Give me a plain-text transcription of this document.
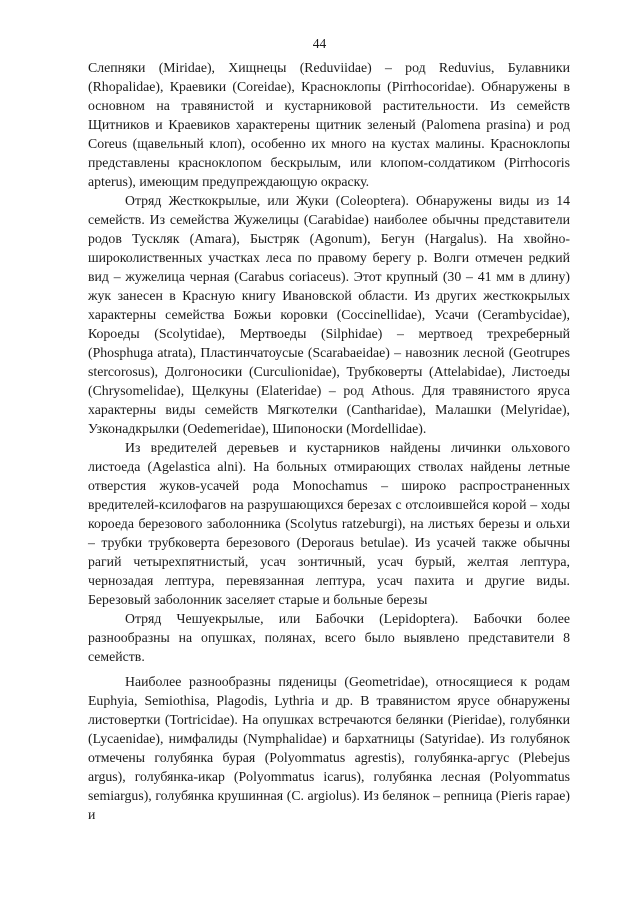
44

Слепняки (Miridae), Хищнецы (Reduviidae) – род Reduvius, Булавники (Rhopalidae), Краевики (Coreidae), Красноклопы (Pirrhocoridae). Обнаружены в основном на травянистой и кустарниковой растительности. Из семейств Щитников и Краевиков характерены щитник зеленый (Palomena prasina) и род Coreus (щавельный клоп), особенно их много на кустах малины. Красноклопы представлены красноклопом бескрылым, или клопом-солдатиком (Pirrhocoris apterus), имеющим предупреждающую окраску.

Отряд Жесткокрылые, или Жуки (Coleoptera). Обнаружены виды из 14 семейств. Из семейства Жужелицы (Carabidae) наиболее обычны представители родов Тускляк (Amara), Быстряк (Agonum), Бегун (Hargalus). На хвойно-широколиственных участках леса по правому берегу р. Волги отмечен редкий вид – жужелица черная (Carabus coriaceus). Этот крупный (30 – 41 мм в длину) жук занесен в Красную книгу Ивановской области. Из других жесткокрылых характерны семейства Божьи коровки (Coccinellidae), Усачи (Cerambycidae), Короеды (Scolytidae), Мертвоеды (Silphidae) – мертвоед трехреберный (Phosphuga atrata), Пластинчатоусые (Scarabaeidae) – навозник лесной (Geotrupes stercorosus), Долгоносики (Curculionidae), Трубковерты (Attelabidae), Листоеды (Chrysomelidae), Щелкуны (Elateridae) – род Athous. Для травянистого яруса характерны виды семейств Мягкотелки (Cantharidae), Малашки (Melyridae), Узконадкрылки (Oedemeridae), Шипоноски (Mordellidae).

Из вредителей деревьев и кустарников найдены личинки ольхового листоеда (Agelastica alni). На больных отмирающих стволах найдены летные отверстия жуков-усачей рода Monochamus – широко распространенных вредителей-ксилофагов на разрушающихся березах с отслоившейся корой – ходы короеда березового заболонника (Scolytus ratzeburgi), на листьях березы и ольхи – трубки трубковерта березового (Deporaus betulae). Из усачей также обычны рагий четырехпятнистый, усач зонтичный, усач бурый, желтая лептура, чернозадая лептура, перевязанная лептура, усач пахита и другие виды. Березовый заболонник заселяет старые и больные березы

Отряд Чешуекрылые, или Бабочки (Lepidoptera). Бабочки более разнообразны на опушках, полянах, всего было выявлено представители 8 семейств.

Наиболее разнообразны пяденицы (Geometridae), относящиеся к родам Euphyia, Semiothisa, Plagodis, Lythria и др. В травянистом ярусе обнаружены листовертки (Tortricidae). На опушках встречаются белянки (Pieridae), голубянки (Lycaenidae), нимфалиды (Nymphalidae) и бархатницы (Satyridae). Из голубянок отмечены голубянка бурая (Polyommatus agrestis), голубянка-аргус (Plebejus argus), голубянка-икар (Polyommatus icarus), голубянка лесная (Polyommatus semiargus), голубянка крушинная (C. argiolus). Из белянок – репница (Pieris rapae) и
